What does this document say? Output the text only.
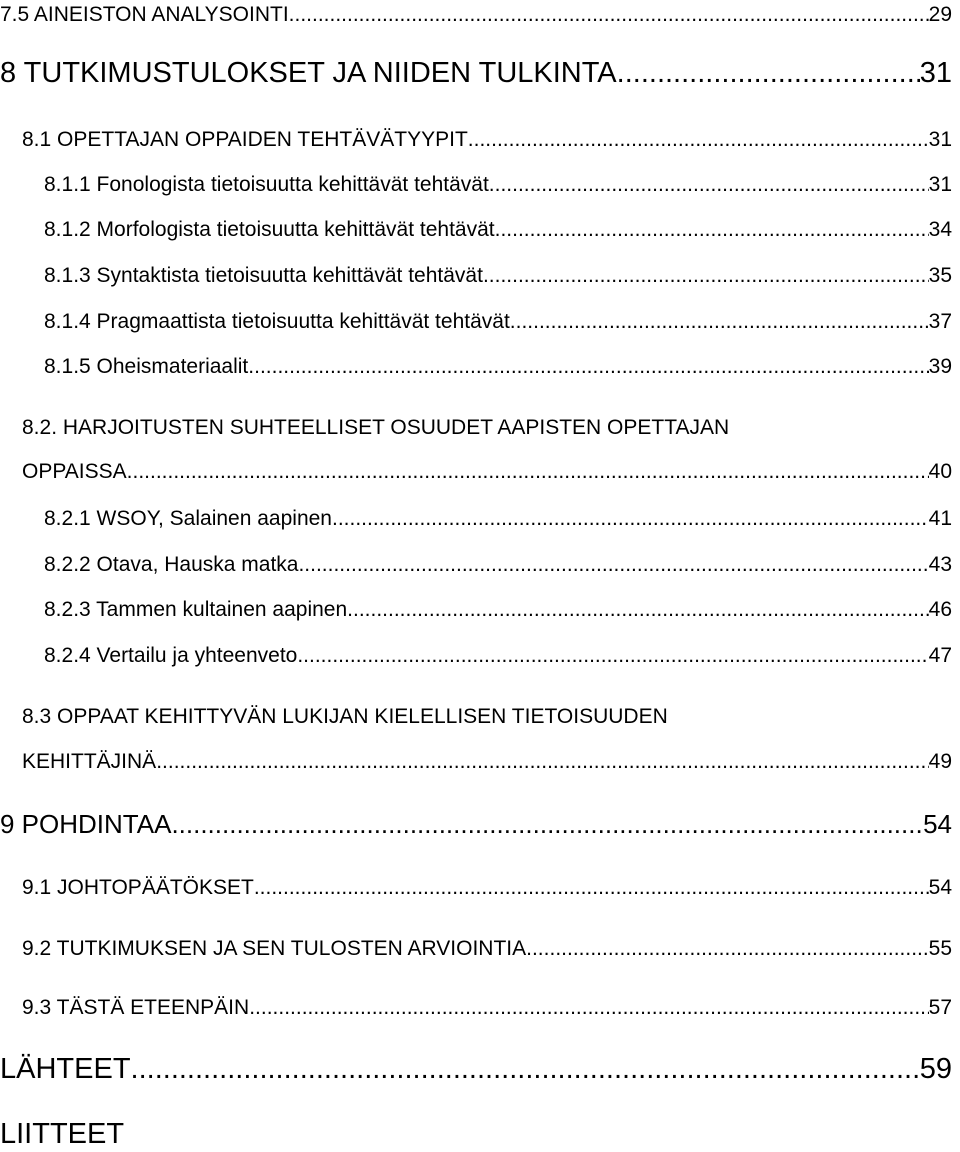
7.5 AINEISTON ANALYSOINTI .....	29
8 TUTKIMUSTULOKSET JA NIIDEN TULKINTA .....	31
8.1 OPETTAJAN OPPAIDEN TEHTÄVÄTYYPIT .....	31
8.1.1 Fonologista tietoisuutta kehittävät tehtävät .....	31
8.1.2 Morfologista tietoisuutta kehittävät tehtävät .....	34
8.1.3 Syntaktista tietoisuutta kehittävät tehtävät .....	35
8.1.4 Pragmaattista tietoisuutta kehittävät tehtävät .....	37
8.1.5 Oheismateriaalit .....	39
8.2. HARJOITUSTEN SUHTEELLISET OSUUDET AAPISTEN OPETTAJAN
OPPAISSA .....	40
8.2.1 WSOY, Salainen aapinen .....	41
8.2.2 Otava, Hauska matka .....	43
8.2.3 Tammen kultainen aapinen .....	46
8.2.4 Vertailu ja yhteenveto .....	47
8.3 OPPAAT KEHITTYVÄN LUKIJAN KIELELLISEN TIETOISUUDEN
KEHITTÄJINÄ .....	49
9 POHDINTAA .....	54
9.1 JOHTOPÄÄTÖKSET .....	54
9.2 TUTKIMUKSEN JA SEN TULOSTEN ARVIOINTIA .....	55
9.3 TÄSTÄ ETEENPÄIN .....	57
LÄHTEET .....	59
LIITTEET
